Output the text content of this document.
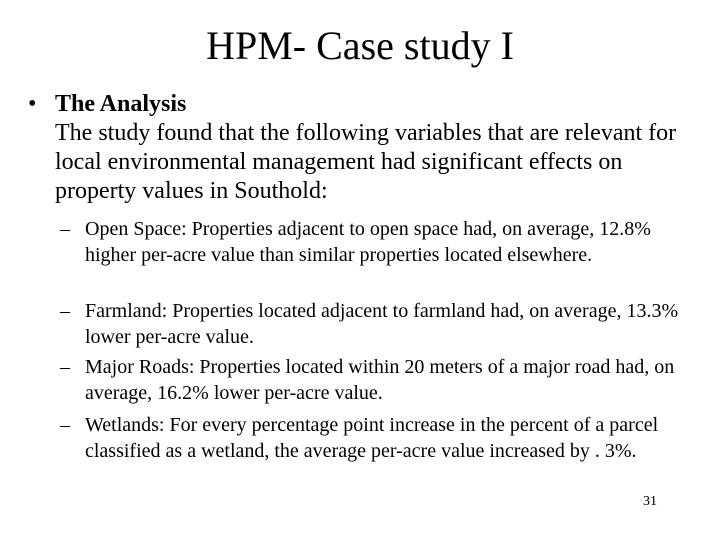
HPM- Case study I
• The Analysis
The study found that the following variables that are relevant for local environmental management had significant effects on property values in Southold:
– Open Space: Properties adjacent to open space had, on average, 12.8% higher per-acre value than similar properties located elsewhere.
– Farmland: Properties located adjacent to farmland had, on average, 13.3% lower per-acre value.
– Major Roads: Properties located within 20 meters of a major road had, on average, 16.2% lower per-acre value.
– Wetlands: For every percentage point increase in the percent of a parcel classified as a wetland, the average per-acre value increased by . 3%.
31
